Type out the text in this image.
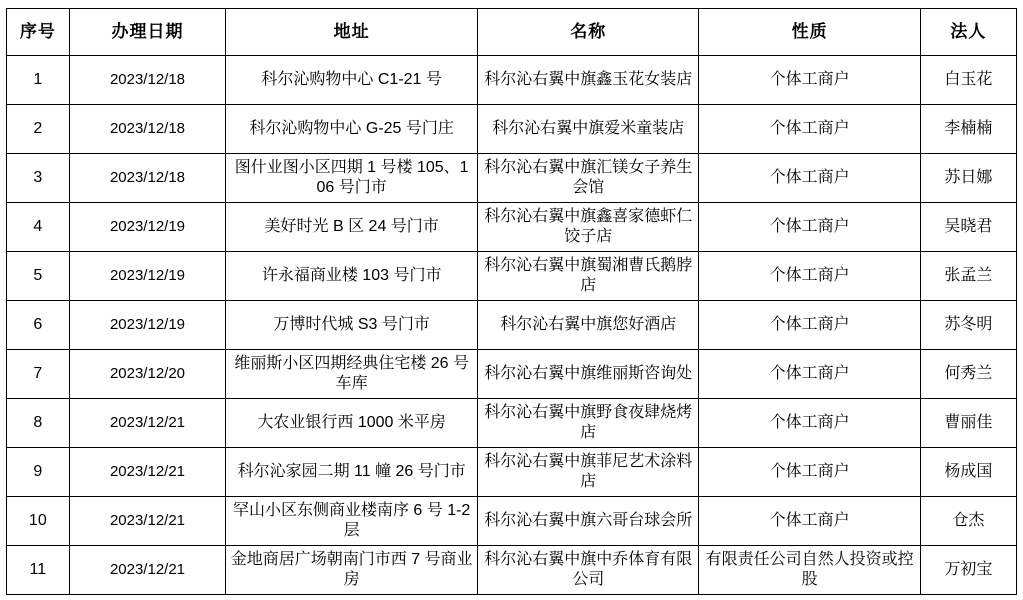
序号	办理日期	地址	名称	性质	法人
1	2023/12/18	科尔沁购物中心 C1-21 号	科尔沁右翼中旗鑫玉花女装店	个体工商户	白玉花
2	2023/12/18	科尔沁购物中心 G-25 号门庄	科尔沁右翼中旗爱米童装店	个体工商户	李楠楠
3	2023/12/18	图什业图小区四期 1 号楼 105、106 号门市	科尔沁右翼中旗汇镁女子养生会馆	个体工商户	苏日娜
4	2023/12/19	美好时光 B 区 24 号门市	科尔沁右翼中旗鑫喜家德虾仁饺子店	个体工商户	吴晓君
5	2023/12/19	许永福商业楼 103 号门市	科尔沁右翼中旗蜀湘曹氏鹅脖店	个体工商户	张孟兰
6	2023/12/19	万博时代城 S3 号门市	科尔沁右翼中旗您好酒店	个体工商户	苏冬明
7	2023/12/20	维丽斯小区四期经典住宅楼 26 号车库	科尔沁右翼中旗维丽斯咨询处	个体工商户	何秀兰
8	2023/12/21	大农业银行西 1000 米平房	科尔沁右翼中旗野食夜肆烧烤店	个体工商户	曹丽佳
9	2023/12/21	科尔沁家园二期 11 幢 26 号门市	科尔沁右翼中旗菲尼艺术涂料店	个体工商户	杨成国
10	2023/12/21	罕山小区东侧商业楼南序 6 号 1-2 层	科尔沁右翼中旗六哥台球会所	个体工商户	仓杰
11	2023/12/21	金地商居广场朝南门市西 7 号商业房	科尔沁右翼中旗中乔体育有限公司	有限责任公司自然人投资或控股	万初宝
